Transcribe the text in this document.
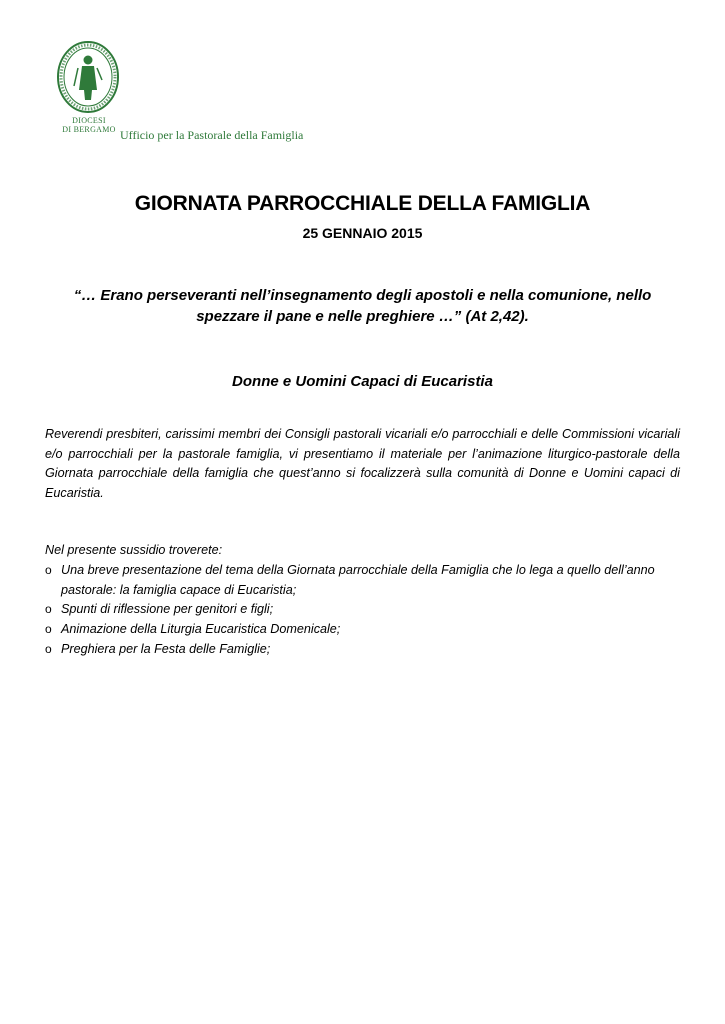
DIOCESI
DI BERGAMO Ufficio per la Pastorale della Famiglia
GIORNATA PARROCCHIALE DELLA FAMIGLIA
25 GENNAIO 2015
“… Erano perseveranti nell’insegnamento degli apostoli e nella comunione, nello spezzare il pane e nelle preghiere …” (At 2,42).
Donne e Uomini Capaci di Eucaristia
Reverendi presbiteri, carissimi membri dei Consigli pastorali vicariali e/o parrocchiali e delle Commissioni vicariali e/o parrocchiali per la pastorale famiglia, vi presentiamo il materiale per l’animazione liturgico-pastorale della Giornata parrocchiale della famiglia che quest’anno si focalizzerà sulla comunità di Donne e Uomini capaci di Eucaristia.
Nel presente sussidio troverete:
o Una breve presentazione del tema della Giornata parrocchiale della Famiglia che lo lega a quello dell’anno pastorale: la famiglia capace di Eucaristia;
o Spunti di riflessione per genitori e figli;
o Animazione della Liturgia Eucaristica Domenicale;
o Preghiera per la Festa delle Famiglie;
